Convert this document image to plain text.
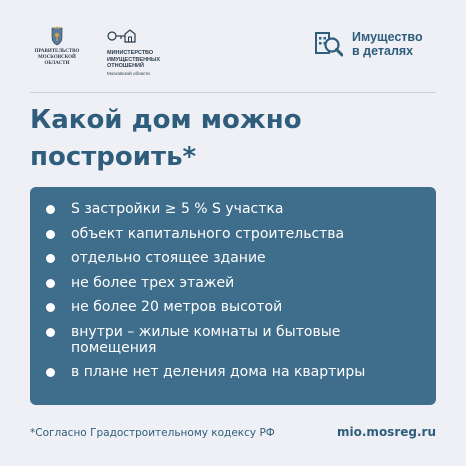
ПРАВИТЕЛЬСТВО
МОСКОВСКОЙ
ОБЛАСТИ
МИНИСТЕРСТВО
ИМУЩЕСТВЕННЫХ
ОТНОШЕНИЙ
Московской области
Имущество
в деталях
Какой дом можно
построить*
S застройки ≥ 5 % S участка
объект капитального строительства
отдельно стоящее здание
не более трех этажей
не более 20 метров высотой
внутри – жилые комнаты и бытовые помещения
в плане нет деления дома на квартиры
*Согласно Градостроительному кодексу РФ	mio.mosreg.ru
